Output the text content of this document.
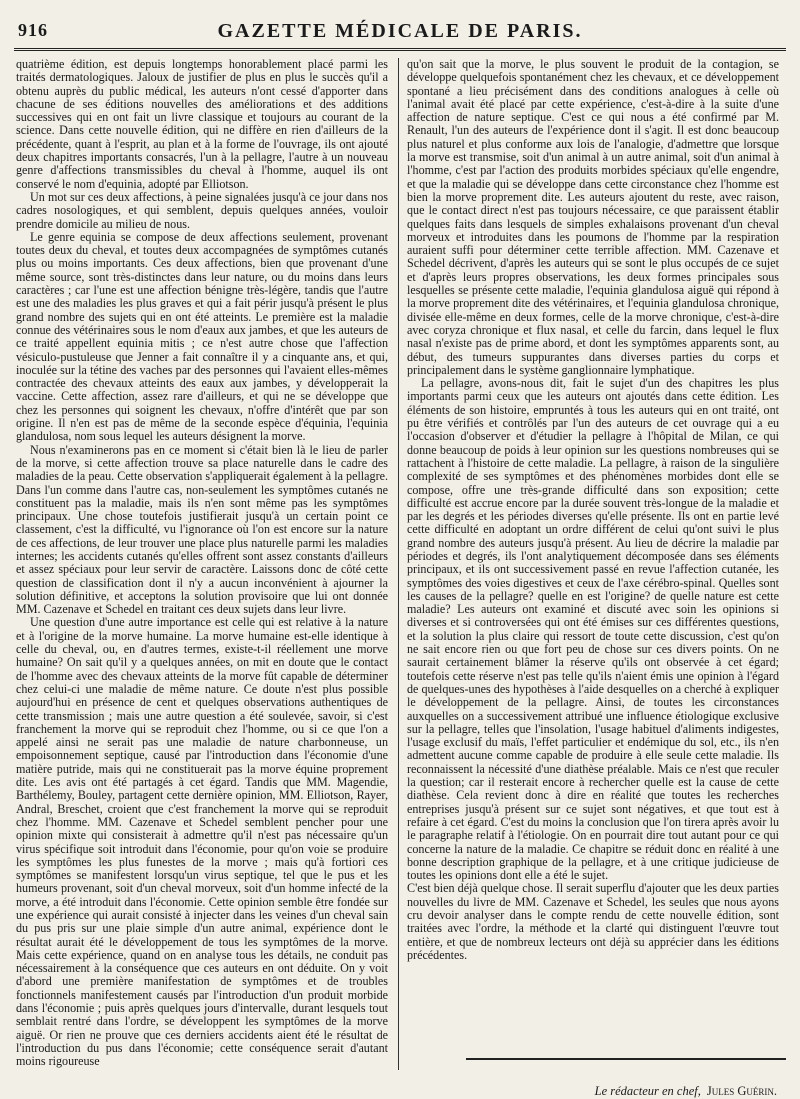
916	GAZETTE MÉDICALE DE PARIS.

quatrième édition, est depuis longtemps honorablement placé parmi les traités dermatologiques. Jaloux de justifier de plus en plus le succès qu'il a obtenu auprès du public médical, les auteurs n'ont cessé d'apporter dans chacune de ses éditions nouvelles des améliorations et des additions successives qui en ont fait un livre classique et toujours au courant de la science. Dans cette nouvelle édition, qui ne diffère en rien d'ailleurs de la précédente, quant à l'esprit, au plan et à la forme de l'ouvrage, ils ont ajouté deux chapitres importants consacrés, l'un à la pellagre, l'autre à un nouveau genre d'affections transmissibles du cheval à l'homme, auquel ils ont conservé le nom d'equinia, adopté par Elliotson.

Un mot sur ces deux affections, à peine signalées jusqu'à ce jour dans nos cadres nosologiques, et qui semblent, depuis quelques années, vouloir prendre domicile au milieu de nous.

Le genre equinia se compose de deux affections seulement, provenant toutes deux du cheval, et toutes deux accompagnées de symptômes cutanés plus ou moins importants. Ces deux affections, bien que provenant d'une même source, sont très-distinctes dans leur nature, ou du moins dans leurs caractères ; car l'une est une affection bénigne très-légère, tandis que l'autre est une des maladies les plus graves et qui a fait périr jusqu'à présent le plus grand nombre des sujets qui en ont été atteints. Le première est la maladie connue des vétérinaires sous le nom d'eaux aux jambes, et que les auteurs de ce traité appellent equinia mitis ; ce n'est autre chose que l'affection vésiculo-pustuleuse que Jenner a fait connaître il y a cinquante ans, et qui, inoculée sur la tétine des vaches par des personnes qui l'avaient elles-mêmes contractée des chevaux atteints des eaux aux jambes, y développerait la vaccine. Cette affection, assez rare d'ailleurs, et qui ne se développe que chez les personnes qui soignent les chevaux, n'offre d'intérêt que par son origine. Il n'en est pas de même de la seconde espèce d'équinia, l'equinia glandulosa, nom sous lequel les auteurs désignent la morve.

Nous n'examinerons pas en ce moment si c'était bien là le lieu de parler de la morve, si cette affection trouve sa place naturelle dans le cadre des maladies de la peau. Cette observation s'appliquerait également à la pellagre. Dans l'un comme dans l'autre cas, non-seulement les symptômes cutanés ne constituent pas la maladie, mais ils n'en sont même pas les symptômes principaux. Une chose toutefois justifierait jusqu'à un certain point ce classement, c'est la difficulté, vu l'ignorance où l'on est encore sur la nature de ces affections, de leur trouver une place plus naturelle parmi les maladies internes; les accidents cutanés qu'elles offrent sont assez constants d'ailleurs et assez spéciaux pour leur servir de caractère. Laissons donc de côté cette question de classification dont il n'y a aucun inconvénient à ajourner la solution définitive, et acceptons la solution provisoire que lui ont donnée MM. Cazenave et Schedel en traitant ces deux sujets dans leur livre.

Une question d'une autre importance est celle qui est relative à la nature et à l'origine de la morve humaine. La morve humaine est-elle identique à celle du cheval, ou, en d'autres termes, existe-t-il réellement une morve humaine? On sait qu'il y a quelques années, on mit en doute que le contact de l'homme avec des chevaux atteints de la morve fût capable de déterminer chez celui-ci une maladie de même nature. Ce doute n'est plus possible aujourd'hui en présence de cent et quelques observations authentiques de cette transmission ; mais une autre question a été soulevée, savoir, si c'est franchement la morve qui se reproduit chez l'homme, ou si ce que l'on a appelé ainsi ne serait pas une maladie de nature charbonneuse, un empoisonnement septique, causé par l'introduction dans l'économie d'une matière putride, mais qui ne constituerait pas la morve équine proprement dite. Les avis ont été partagés à cet égard. Tandis que MM. Magendie, Barthélemy, Bouley, partagent cette dernière opinion, MM. Elliotson, Rayer, Andral, Breschet, croient que c'est franchement la morve qui se reproduit chez l'homme. MM. Cazenave et Schedel semblent pencher pour une opinion mixte qui consisterait à admettre qu'il n'est pas nécessaire qu'un virus spécifique soit introduit dans l'économie, pour qu'on voie se produire les symptômes les plus funestes de la morve ; mais qu'à fortiori ces symptômes se manifestent lorsqu'un virus septique, tel que le pus et les humeurs provenant, soit d'un cheval morveux, soit d'un homme infecté de la morve, a été introduit dans l'économie. Cette opinion semble être fondée sur une expérience qui aurait consisté à injecter dans les veines d'un cheval sain du pus pris sur une plaie simple d'un autre animal, expérience dont le résultat aurait été le développement de tous les symptômes de la morve. Mais cette expérience, quand on en analyse tous les détails, ne conduit pas nécessairement à la conséquence que ces auteurs en ont déduite. On y voit d'abord une première manifestation de symptômes et de troubles fonctionnels manifestement causés par l'introduction d'un produit morbide dans l'économie ; puis après quelques jours d'intervalle, durant lesquels tout semblait rentré dans l'ordre, se développent les symptômes de la morve aiguë. Or rien ne prouve que ces derniers accidents aient été le résultat de l'introduction du pus dans l'économie; cette conséquence serait d'autant moins rigoureuse

qu'on sait que la morve, le plus souvent le produit de la contagion, se développe quelquefois spontanément chez les chevaux, et ce développement spontané a lieu précisément dans des conditions analogues à celle où l'animal avait été placé par cette expérience, c'est-à-dire à la suite d'une affection de nature septique. C'est ce qui nous a été confirmé par M. Renault, l'un des auteurs de l'expérience dont il s'agit. Il est donc beaucoup plus naturel et plus conforme aux lois de l'analogie, d'admettre que lorsque la morve est transmise, soit d'un animal à un autre animal, soit d'un animal à l'homme, c'est par l'action des produits morbides spéciaux qu'elle engendre, et que la maladie qui se développe dans cette circonstance chez l'homme est bien la morve proprement dite. Les auteurs ajoutent du reste, avec raison, que le contact direct n'est pas toujours nécessaire, ce que paraissent établir quelques faits dans lesquels de simples exhalaisons provenant d'un cheval morveux et introduites dans les poumons de l'homme par la respiration auraient suffi pour déterminer cette terrible affection. MM. Cazenave et Schedel décrivent, d'après les auteurs qui se sont le plus occupés de ce sujet et d'après leurs propres observations, les deux formes principales sous lesquelles se présente cette maladie, l'equinia glandulosa aiguë qui répond à la morve proprement dite des vétérinaires, et l'equinia glandulosa chronique, divisée elle-même en deux formes, celle de la morve chronique, c'est-à-dire avec coryza chronique et flux nasal, et celle du farcin, dans lequel le flux nasal n'existe pas de prime abord, et dont les symptômes apparents sont, au début, des tumeurs suppurantes dans diverses parties du corps et principalement dans le système ganglionnaire lymphatique.

La pellagre, avons-nous dit, fait le sujet d'un des chapitres les plus importants parmi ceux que les auteurs ont ajoutés dans cette édition. Les éléments de son histoire, empruntés à tous les auteurs qui en ont traité, ont pu être vérifiés et contrôlés par l'un des auteurs de cet ouvrage qui a eu l'occasion d'observer et d'étudier la pellagre à l'hôpital de Milan, ce qui donne beaucoup de poids à leur opinion sur les questions nombreuses qui se rattachent à l'histoire de cette maladie. La pellagre, à raison de la singulière complexité de ses symptômes et des phénomènes morbides dont elle se compose, offre une très-grande difficulté dans son exposition; cette difficulté est accrue encore par la durée souvent très-longue de la maladie et par les degrés et les périodes diverses qu'elle présente. Ils ont en partie levé cette difficulté en adoptant un ordre différent de celui qu'ont suivi le plus grand nombre des auteurs jusqu'à présent. Au lieu de décrire la maladie par périodes et degrés, ils l'ont analytiquement décomposée dans ses éléments principaux, et ils ont successivement passé en revue l'affection cutanée, les symptômes des voies digestives et ceux de l'axe cérébro-spinal. Quelles sont les causes de la pellagre? quelle en est l'origine? de quelle nature est cette maladie? Les auteurs ont examiné et discuté avec soin les opinions si diverses et si controversées qui ont été émises sur ces différentes questions, et la solution la plus claire qui ressort de toute cette discussion, c'est qu'on ne sait encore rien ou que fort peu de chose sur ces divers points. On ne saurait certainement blâmer la réserve qu'ils ont observée à cet égard; toutefois cette réserve n'est pas telle qu'ils n'aient émis une opinion à l'égard de quelques-unes des hypothèses à l'aide desquelles on a cherché à expliquer le développement de la pellagre. Ainsi, de toutes les circonstances auxquelles on a successivement attribué une influence étiologique exclusive sur la pellagre, telles que l'insolation, l'usage habituel d'aliments indigestes, l'usage exclusif du maïs, l'effet particulier et endémique du sol, etc., ils n'en admettent aucune comme capable de produire à elle seule cette maladie. Ils reconnaissent la nécessité d'une diathèse préalable. Mais ce n'est que reculer la question; car il resterait encore à rechercher quelle est la cause de cette diathèse. Cela revient donc à dire en réalité que toutes les recherches entreprises jusqu'à présent sur ce sujet sont négatives, et que tout est à refaire à cet égard. C'est du moins la conclusion que l'on tirera après avoir lu le paragraphe relatif à l'étiologie. On en pourrait dire tout autant pour ce qui concerne la nature de la maladie. Ce chapitre se réduit donc en réalité à une bonne description graphique de la pellagre, et à une critique judicieuse de toutes les opinions dont elle a été le sujet.

C'est bien déjà quelque chose. Il serait superflu d'ajouter que les deux parties nouvelles du livre de MM. Cazenave et Schedel, les seules que nous ayons cru devoir analyser dans le compte rendu de cette nouvelle édition, sont traitées avec l'ordre, la méthode et la clarté qui distinguent l'œuvre tout entière, et que de nombreux lecteurs ont déjà su apprécier dans les éditions précédentes.

Le rédacteur en chef, Jules Guérin.
